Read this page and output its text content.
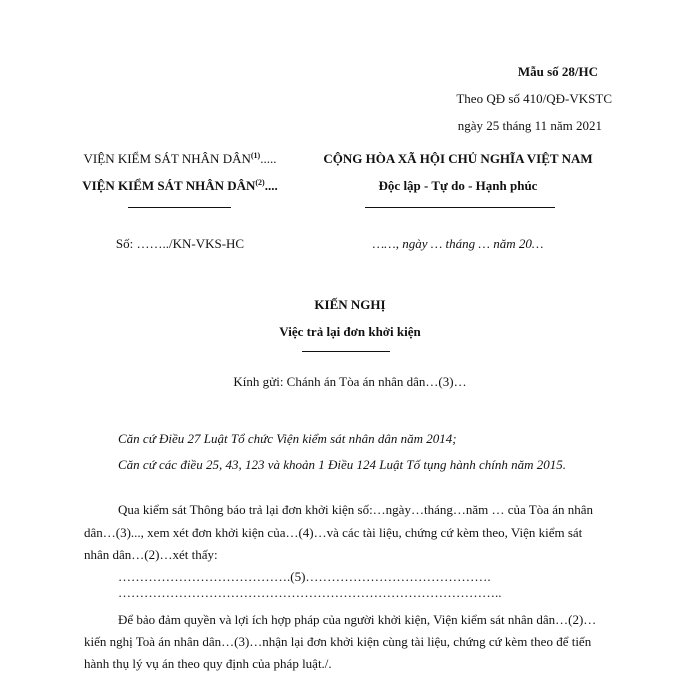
Mẫu số 28/HC
Theo QĐ số 410/QĐ-VKSTC
ngày 25 tháng 11 năm 2021
VIỆN KIỂM SÁT NHÂN DÂN$^{(1)}$.....
VIỆN KIỂM SÁT NHÂN DÂN$^{(2)}$....
Số: ……../KN-VKS-HC
CỘNG HÒA XÃ HỘI CHỦ NGHĨA VIỆT NAM
Độc lập - Tự do - Hạnh phúc
……, ngày … tháng … năm 20…
KIẾN NGHỊ
Việc trả lại đơn khởi kiện
Kính gửi: Chánh án Tòa án nhân dân…(3)…
Căn cứ Điều 27 Luật Tổ chức Viện kiểm sát nhân dân năm 2014;
Căn cứ các điều 25, 43, 123 và khoản 1 Điều 124 Luật Tố tụng hành chính năm 2015.
Qua kiểm sát Thông báo trả lại đơn khởi kiện số:…ngày…tháng…năm … của Tòa án nhân
dân…(3)..., xem xét đơn khởi kiện của…(4)…và các tài liệu, chứng cứ kèm theo, Viện kiểm sát
nhân dân…(2)…xét thấy:
………………………………….(5)…………………………………….
……………………………………………………………………………..
Để bảo đảm quyền và lợi ích hợp pháp của người khởi kiện, Viện kiểm sát nhân dân…(2)…
kiến nghị Toà án nhân dân…(3)…nhận lại đơn khởi kiện cùng tài liệu, chứng cứ kèm theo để tiến
hành thụ lý vụ án theo quy định của pháp luật./.
